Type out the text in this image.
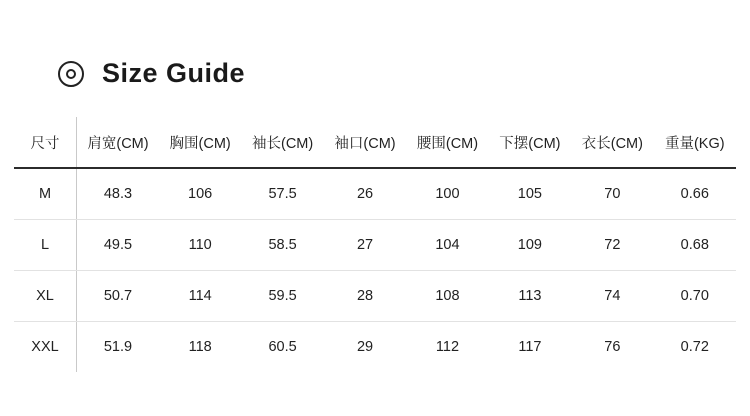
Size Guide
尺寸	肩宽(CM)	胸围(CM)	袖长(CM)	袖口(CM)	腰围(CM)	下摆(CM)	衣长(CM)	重量(KG)
M	48.3	106	57.5	26	100	105	70	0.66
L	49.5	110	58.5	27	104	109	72	0.68
XL	50.7	114	59.5	28	108	113	74	0.70
XXL	51.9	118	60.5	29	112	117	76	0.72
